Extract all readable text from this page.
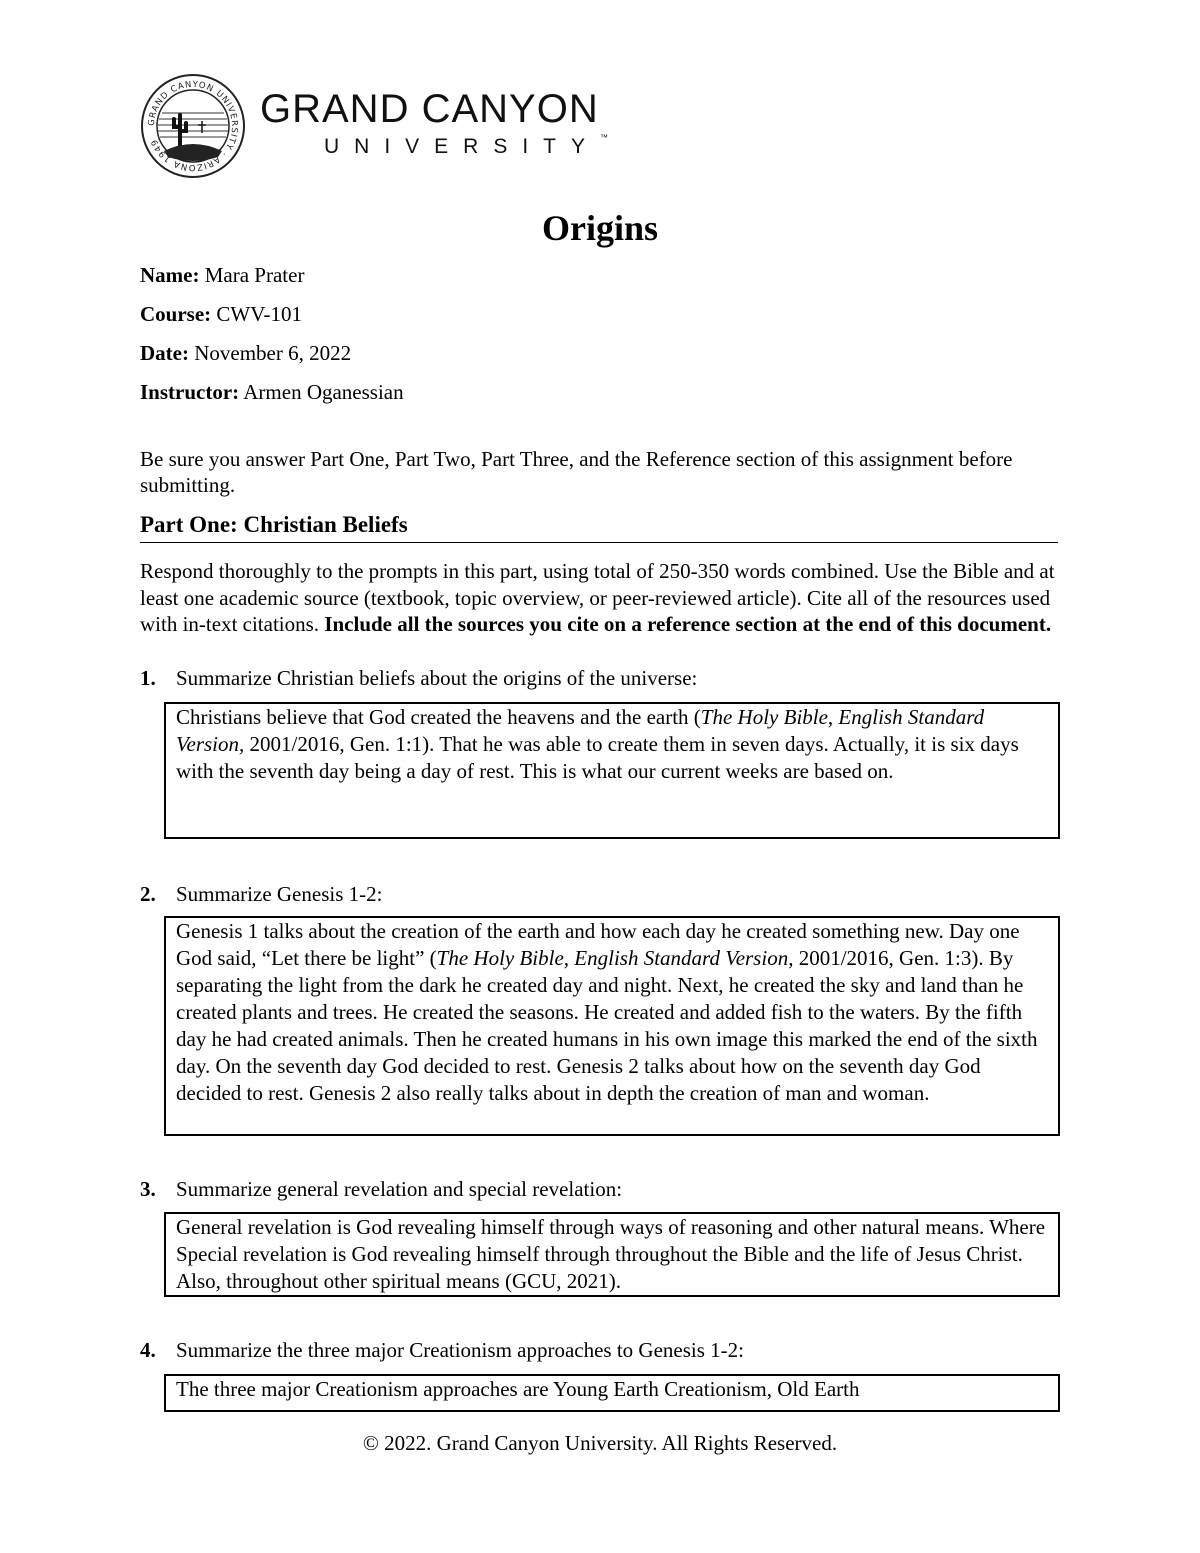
GRAND CANYON UNIVERSITY · ARIZONA 1949
GRAND CANYON
UNIVERSITY™
Origins
Name: Mara Prater
Course: CWV-101
Date: November 6, 2022
Instructor: Armen Oganessian
Be sure you answer Part One, Part Two, Part Three, and the Reference section of this assignment before submitting.
Part One: Christian Beliefs
Respond thoroughly to the prompts in this part, using total of 250-350 words combined. Use the Bible and at least one academic source (textbook, topic overview, or peer-reviewed article). Cite all of the resources used with in-text citations. Include all the sources you cite on a reference section at the end of this document.
1. Summarize Christian beliefs about the origins of the universe:
Christians believe that God created the heavens and the earth (The Holy Bible, English Standard Version, 2001/2016, Gen. 1:1). That he was able to create them in seven days. Actually, it is six days with the seventh day being a day of rest. This is what our current weeks are based on.
2. Summarize Genesis 1-2:
Genesis 1 talks about the creation of the earth and how each day he created something new. Day one God said, “Let there be light” (The Holy Bible, English Standard Version, 2001/2016, Gen. 1:3). By separating the light from the dark he created day and night. Next, he created the sky and land than he created plants and trees. He created the seasons. He created and added fish to the waters. By the fifth day he had created animals. Then he created humans in his own image this marked the end of the sixth day. On the seventh day God decided to rest. Genesis 2 talks about how on the seventh day God decided to rest. Genesis 2 also really talks about in depth the creation of man and woman.
3. Summarize general revelation and special revelation:
General revelation is God revealing himself through ways of reasoning and other natural means. Where Special revelation is God revealing himself through throughout the Bible and the life of Jesus Christ. Also, throughout other spiritual means (GCU, 2021).
4. Summarize the three major Creationism approaches to Genesis 1-2:
The three major Creationism approaches are Young Earth Creationism, Old Earth
© 2022. Grand Canyon University. All Rights Reserved.
